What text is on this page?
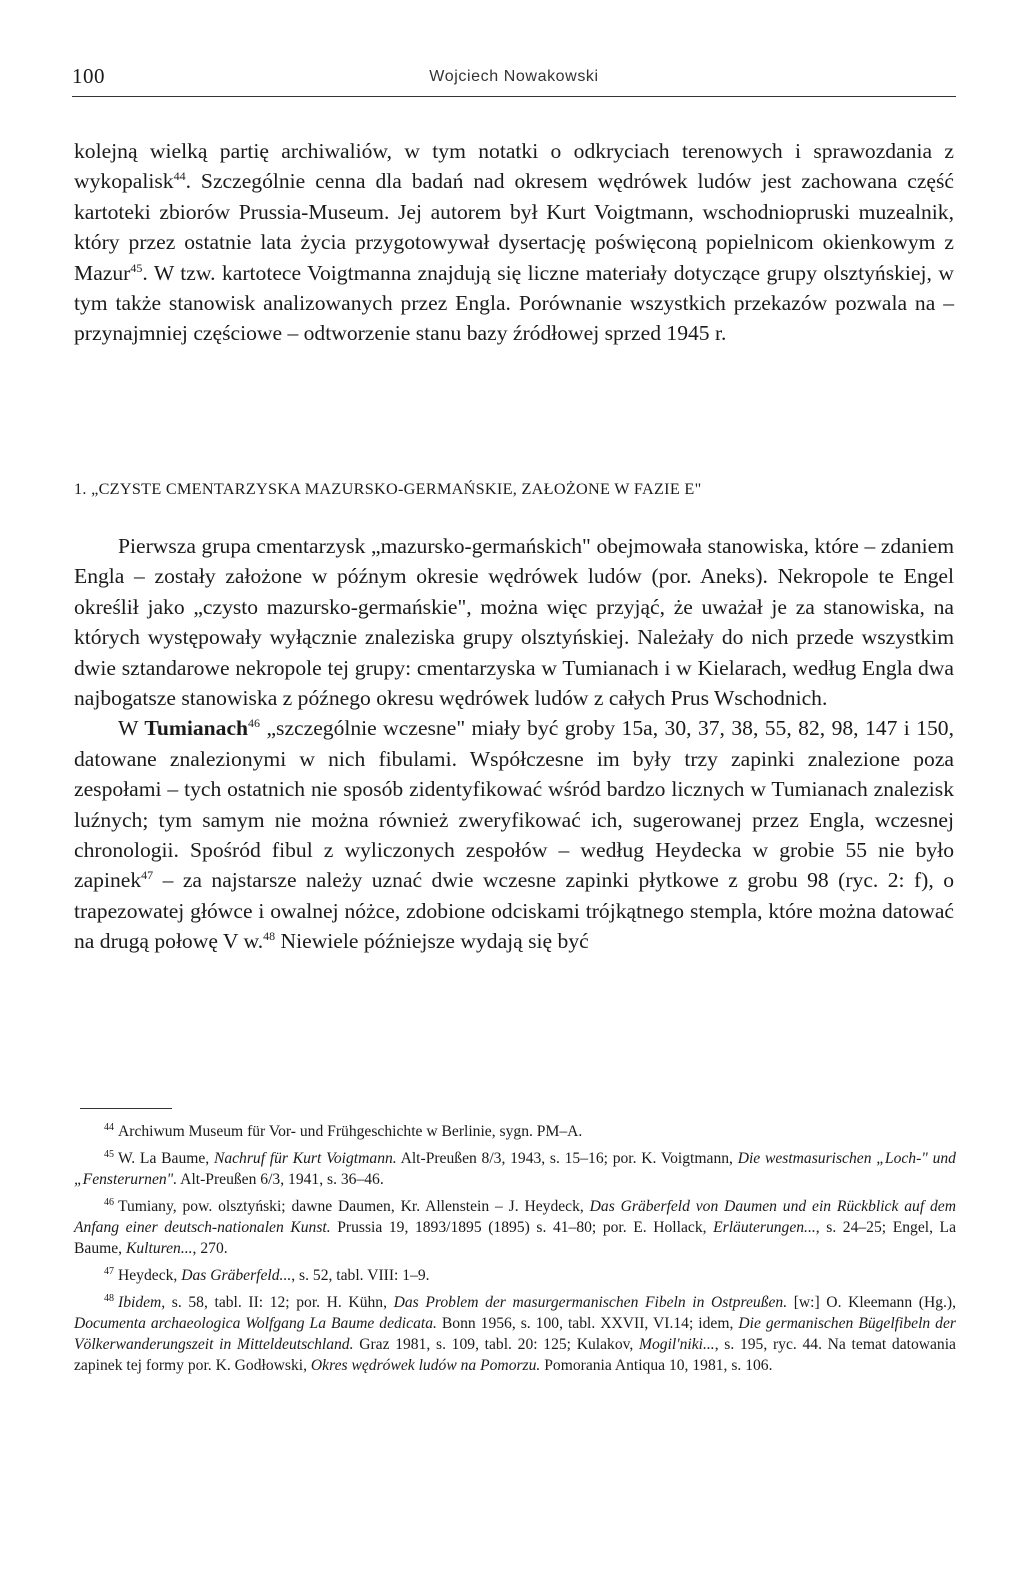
100	Wojciech Nowakowski

kolejną wielką partię archiwaliów, w tym notatki o odkryciach terenowych i sprawozdania z wykopalisk$^{44}$. Szczególnie cenna dla badań nad okresem wędrówek ludów jest zachowana część kartoteki zbiorów Prussia-Museum. Jej autorem był Kurt Voigtmann, wschodniopruski muzealnik, który przez ostatnie lata życia przygotowywał dysertację poświęconą popielnicom okienkowym z Mazur$^{45}$. W tzw. kartotece Voigtmanna znajdują się liczne materiały dotyczące grupy olsztyńskiej, w tym także stanowisk analizowanych przez Engla. Porównanie wszystkich przekazów pozwala na – przynajmniej częściowe – odtworzenie stanu bazy źródłowej sprzed 1945 r.

1. „CZYSTE CMENTARZYSKA MAZURSKO-GERMAŃSKIE, ZAŁOŻONE W FAZIE E"

Pierwsza grupa cmentarzysk „mazursko-germańskich" obejmowała stanowiska, które – zdaniem Engla – zostały założone w późnym okresie wędrówek ludów (por. Aneks). Nekropole te Engel określił jako „czysto mazursko-germańskie", można więc przyjąć, że uważał je za stanowiska, na których występowały wyłącznie znaleziska grupy olsztyńskiej. Należały do nich przede wszystkim dwie sztandarowe nekropole tej grupy: cmentarzyska w Tumianach i w Kielarach, według Engla dwa najbogatsze stanowiska z późnego okresu wędrówek ludów z całych Prus Wschodnich.

W Tumianach$^{46}$ „szczególnie wczesne" miały być groby 15a, 30, 37, 38, 55, 82, 98, 147 i 150, datowane znalezionymi w nich fibulami. Współczesne im były trzy zapinki znalezione poza zespołami – tych ostatnich nie sposób zidentyfikować wśród bardzo licznych w Tumianach znalezisk luźnych; tym samym nie można również zweryfikować ich, sugerowanej przez Engla, wczesnej chronologii. Spośród fibul z wyliczonych zespołów – według Heydecka w grobie 55 nie było zapinek$^{47}$ – za najstarsze należy uznać dwie wczesne zapinki płytkowe z grobu 98 (ryc. 2: f), o trapezowatej główce i owalnej nóżce, zdobione odciskami trójkątnego stempla, które można datować na drugą połowę V w.$^{48}$ Niewiele późniejsze wydają się być

$^{44}$ Archiwum Museum für Vor- und Frühgeschichte w Berlinie, sygn. PM–A.

$^{45}$ W. La Baume, Nachruf für Kurt Voigtmann. Alt-Preußen 8/3, 1943, s. 15–16; por. K. Voigtmann, Die westmasurischen „Loch-" und „Fensterurnen". Alt-Preußen 6/3, 1941, s. 36–46.

$^{46}$ Tumiany, pow. olsztyński; dawne Daumen, Kr. Allenstein – J. Heydeck, Das Gräberfeld von Daumen und ein Rückblick auf dem Anfang einer deutsch-nationalen Kunst. Prussia 19, 1893/1895 (1895) s. 41–80; por. E. Hollack, Erläuterungen..., s. 24–25; Engel, La Baume, Kulturen..., 270.

$^{47}$ Heydeck, Das Gräberfeld..., s. 52, tabl. VIII: 1–9.

$^{48}$ Ibidem, s. 58, tabl. II: 12; por. H. Kühn, Das Problem der masurgermanischen Fibeln in Ostpreußen. [w:] O. Kleemann (Hg.), Documenta archaeologica Wolfgang La Baume dedicata. Bonn 1956, s. 100, tabl. XXVII, VI.14; idem, Die germanischen Bügelfibeln der Völkerwanderungszeit in Mitteldeutschland. Graz 1981, s. 109, tabl. 20: 125; Kulakov, Mogil'niki..., s. 195, ryc. 44. Na temat datowania zapinek tej formy por. K. Godłowski, Okres wędrówek ludów na Pomorzu. Pomorania Antiqua 10, 1981, s. 106.
